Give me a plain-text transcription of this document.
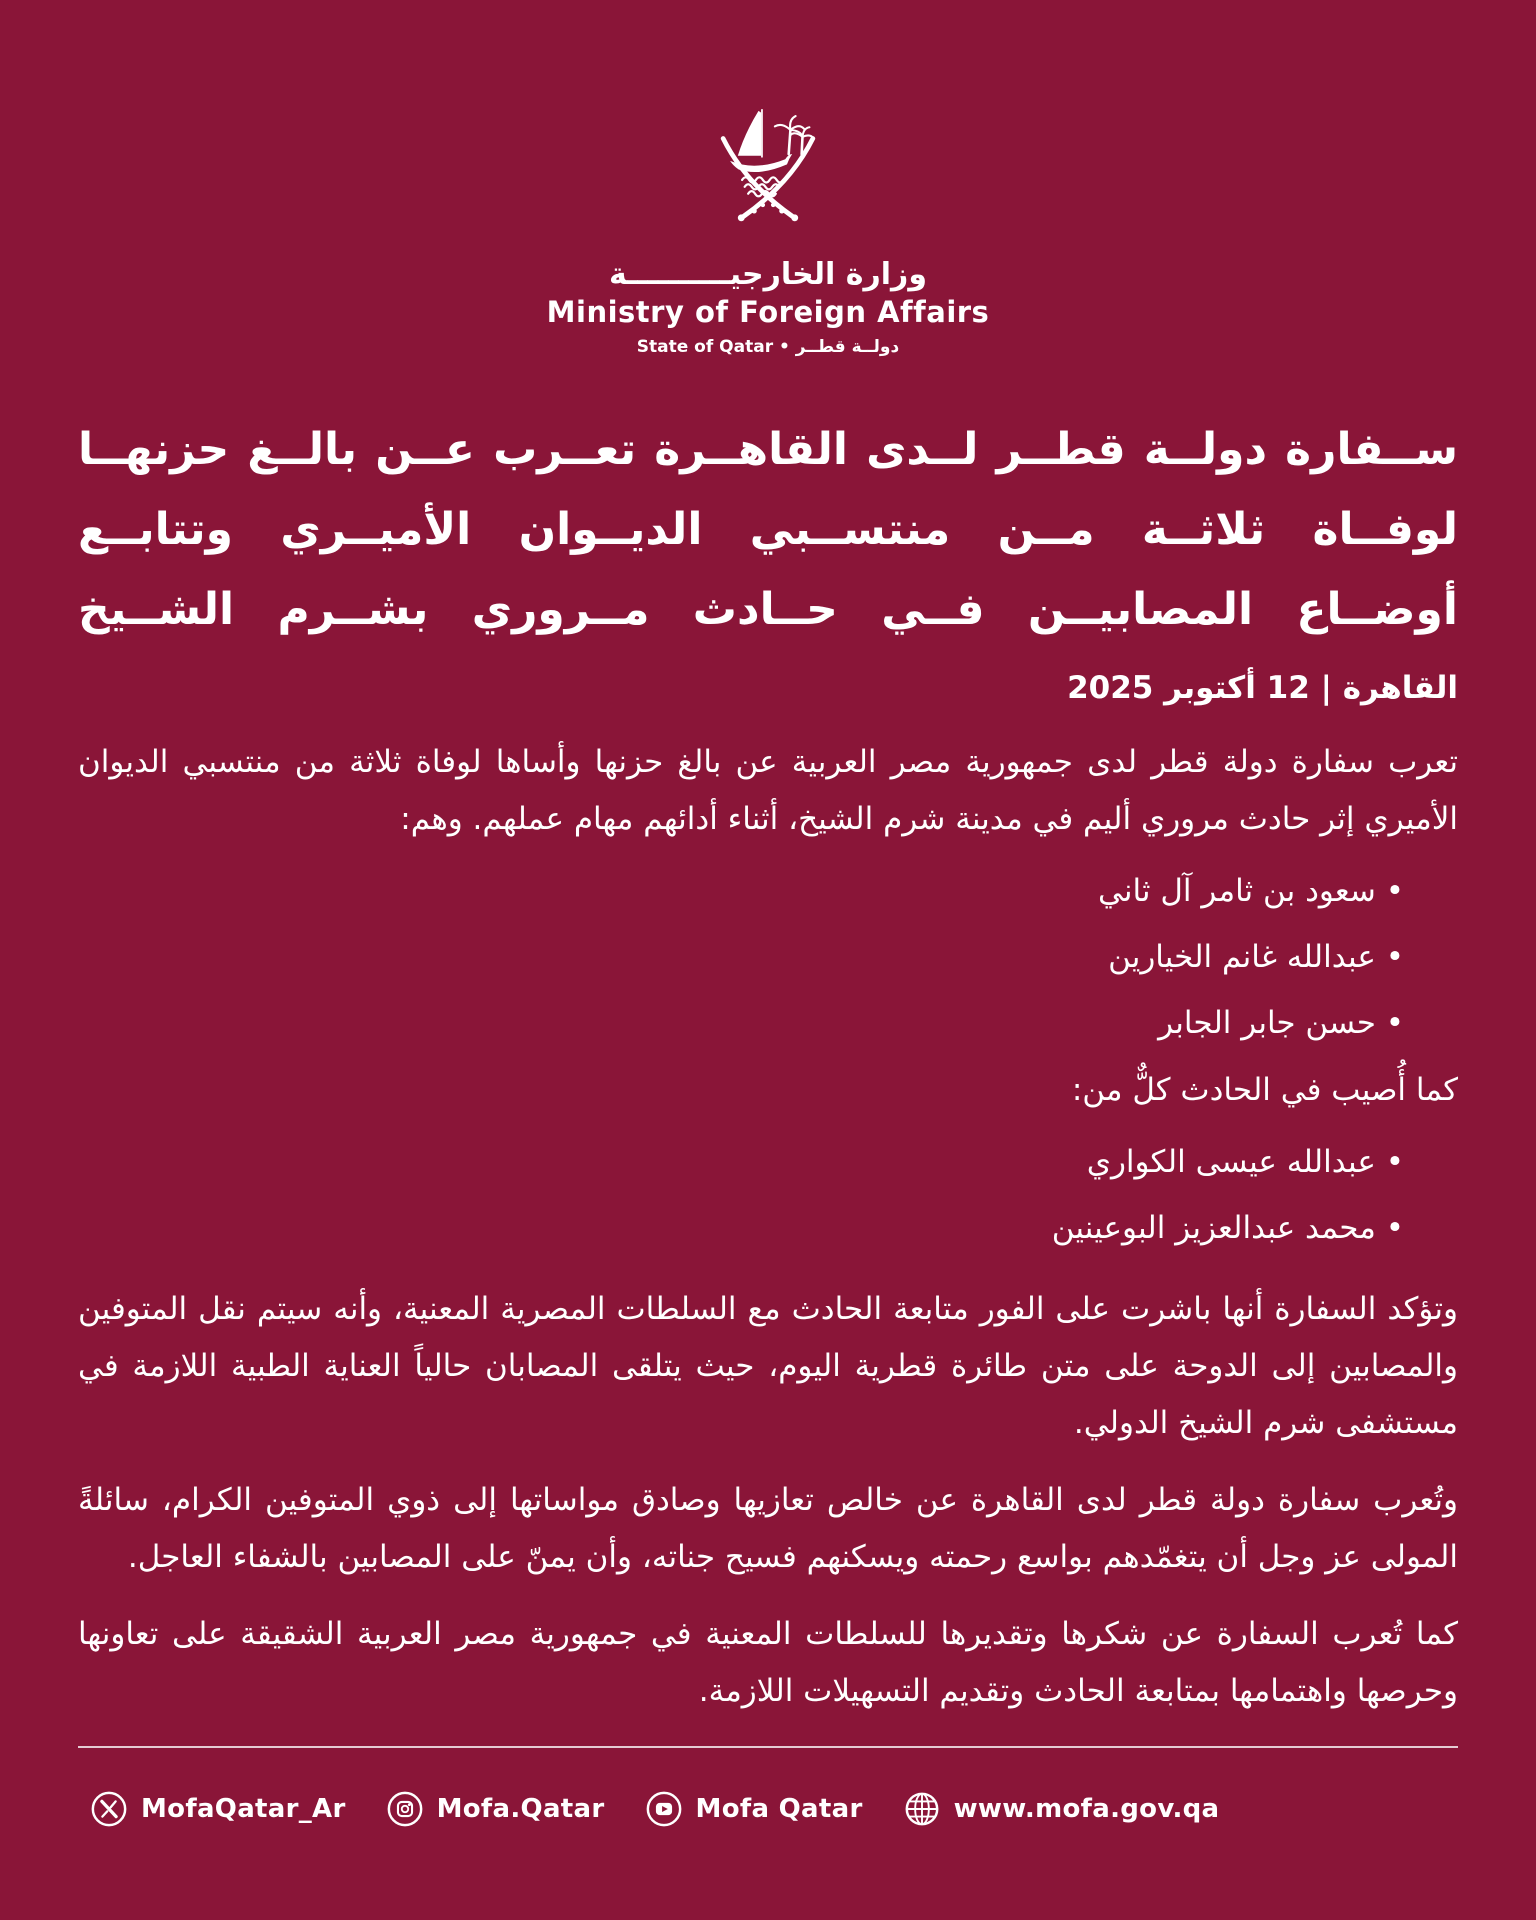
وزارة الخارجيــــــــــة
Ministry of Foreign Affairs
State of Qatar • دولــة قطــر
ســفارة دولــة قطــر لــدى القاهــرة تعــرب عــن بالــغ حزنهــا
لوفــاة ثلاثــة مــن منتســبي الديــوان الأميــري وتتابــع
أوضــاع المصابيــن فــي حــادث مــروري بشــرم الشــيخ
القاهرة | 12 أكتوبر 2025

تعرب سفارة دولة قطر لدى جمهورية مصر العربية عن بالغ حزنها وأساها لوفاة ثلاثة من منتسبي الديوان الأميري إثر حادث مروري أليم في مدينة شرم الشيخ، أثناء أدائهم مهام عملهم. وهم:

• سعود بن ثامر آل ثاني
• عبدالله غانم الخيارين
• حسن جابر الجابر

كما أُصيب في الحادث كلٌّ من:

• عبدالله عيسى الكواري
• محمد عبدالعزيز البوعينين

وتؤكد السفارة أنها باشرت على الفور متابعة الحادث مع السلطات المصرية المعنية، وأنه سيتم نقل المتوفين والمصابين إلى الدوحة على متن طائرة قطرية اليوم، حيث يتلقى المصابان حالياً العناية الطبية اللازمة في مستشفى شرم الشيخ الدولي.

وتُعرب سفارة دولة قطر لدى القاهرة عن خالص تعازيها وصادق مواساتها إلى ذوي المتوفين الكرام، سائلةً المولى عز وجل أن يتغمّدهم بواسع رحمته ويسكنهم فسيح جناته، وأن يمنّ على المصابين بالشفاء العاجل.

كما تُعرب السفارة عن شكرها وتقديرها للسلطات المعنية في جمهورية مصر العربية الشقيقة على تعاونها وحرصها واهتمامها بمتابعة الحادث وتقديم التسهيلات اللازمة.

MofaQatar_Ar	Mofa.Qatar	Mofa Qatar	www.mofa.gov.qa
